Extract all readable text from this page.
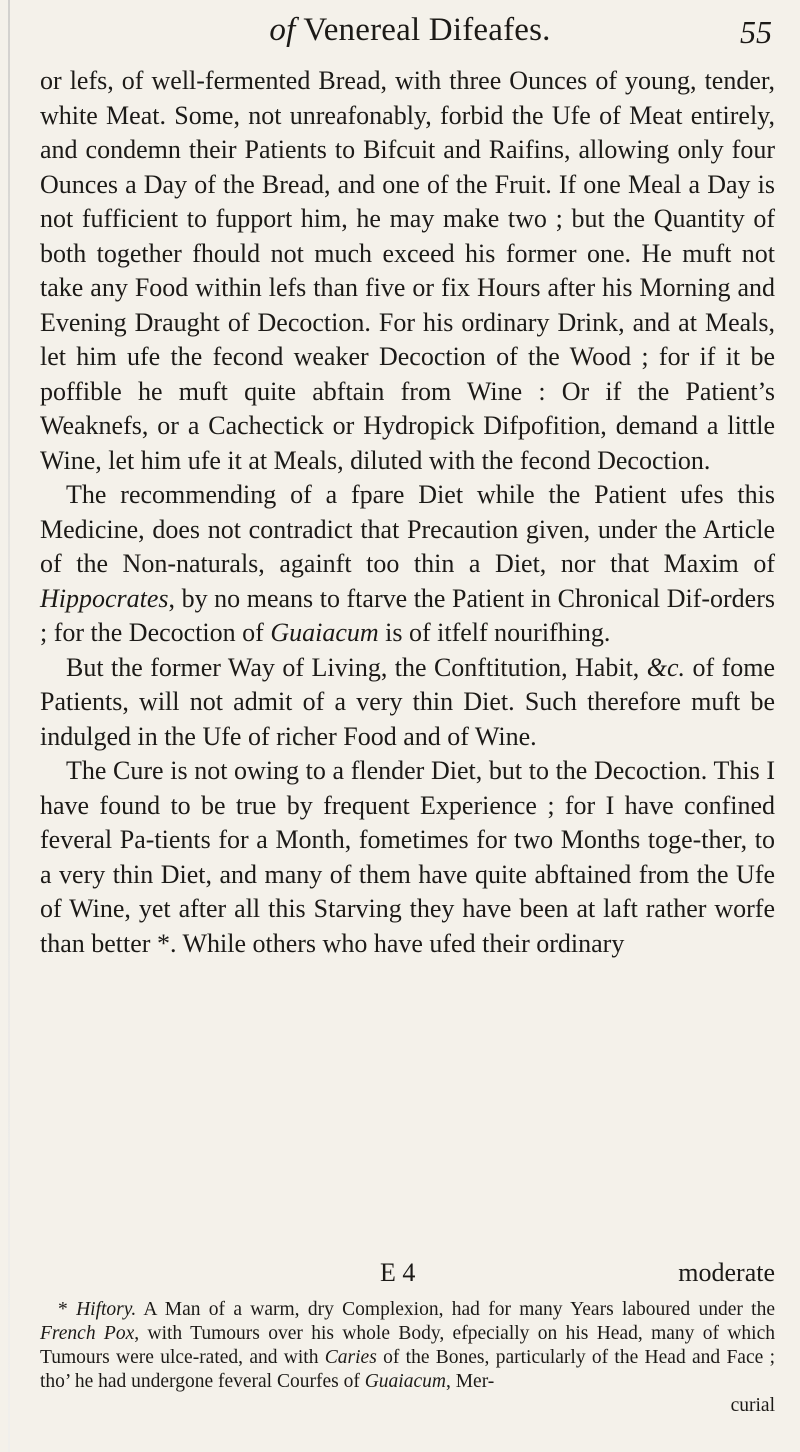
of Venereal Difeafes.	55

or lefs, of well-fermented Bread, with three Ounces of young, tender, white Meat. Some, not unreafonably, forbid the Ufe of Meat entirely, and condemn their Patients to Bifcuit and Raifins, allowing only four Ounces a Day of the Bread, and one of the Fruit. If one Meal a Day is not fufficient to fupport him, he may make two ; but the Quantity of both together fhould not much exceed his former one. He muft not take any Food within lefs than five or fix Hours after his Morning and Evening Draught of Decoction. For his ordinary Drink, and at Meals, let him ufe the fecond weaker Decoction of the Wood ; for if it be poffible he muft quite abftain from Wine : Or if the Patient’s Weaknefs, or a Cachectick or Hydropick Difpofition, demand a little Wine, let him ufe it at Meals, diluted with the fecond Decoction.

The recommending of a fpare Diet while the Patient ufes this Medicine, does not contradict that Precaution given, under the Article of the Non-naturals, againft too thin a Diet, nor that Maxim of Hippocrates, by no means to ftarve the Patient in Chronical Dif-orders ; for the Decoction of Guaiacum is of itfelf nourifhing.

But the former Way of Living, the Conftitution, Habit, &c. of fome Patients, will not admit of a very thin Diet. Such therefore muft be indulged in the Ufe of richer Food and of Wine.

The Cure is not owing to a flender Diet, but to the Decoction. This I have found to be true by frequent Experience ; for I have confined feveral Pa-tients for a Month, fometimes for two Months toge-ther, to a very thin Diet, and many of them have quite abftained from the Ufe of Wine, yet after all this Starving they have been at laft rather worfe than better *. While others who have ufed their ordinary

E 4	moderate

* Hiftory. A Man of a warm, dry Complexion, had for many Years laboured under the French Pox, with Tumours over his whole Body, efpecially on his Head, many of which Tumours were ulce-rated, and with Caries of the Bones, particularly of the Head and Face ; tho’ he had undergone feveral Courfes of Guaiacum, Mer-

curial
